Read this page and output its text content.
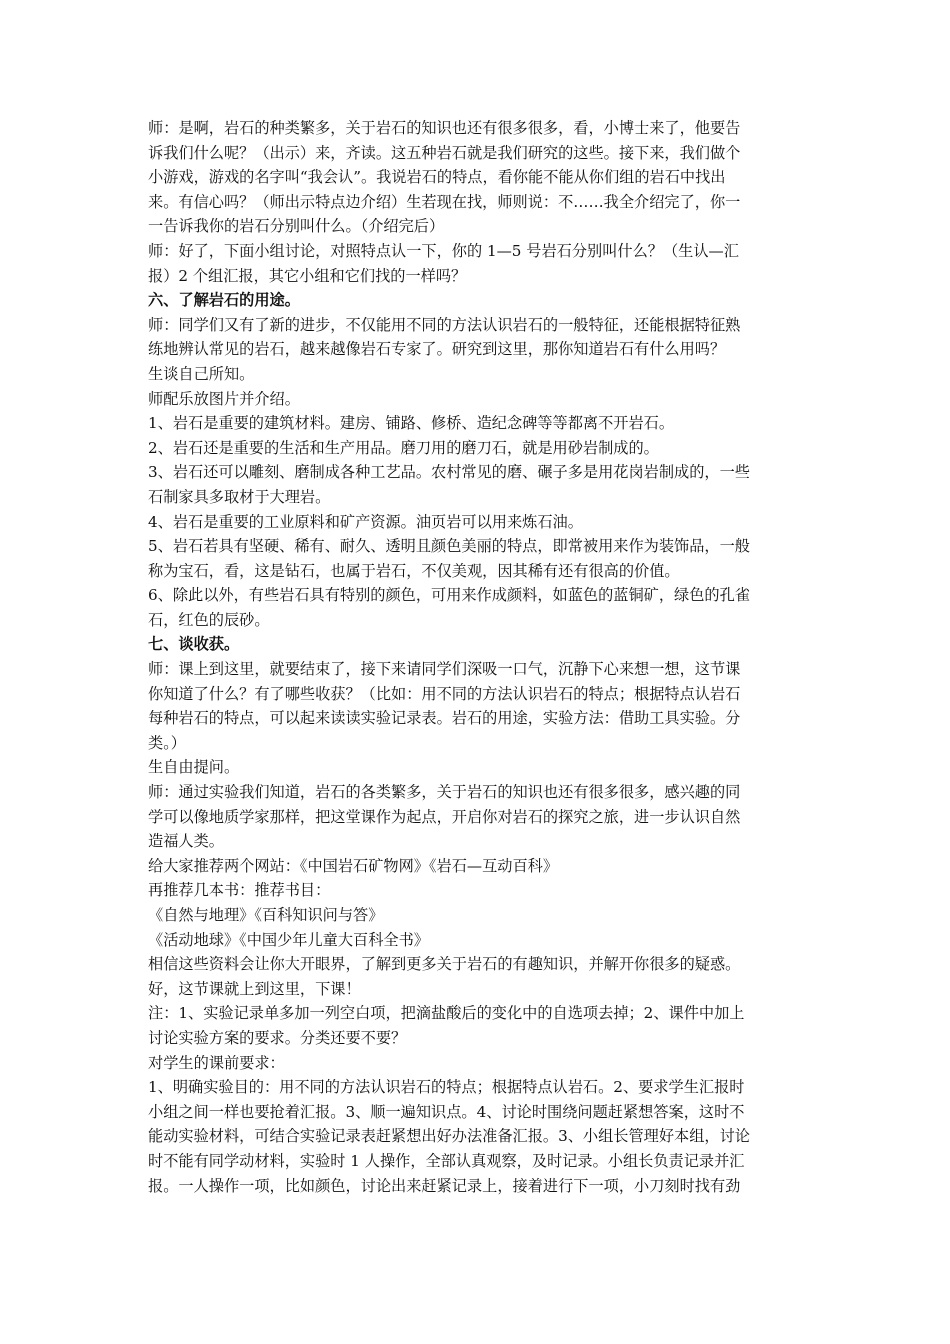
师：是啊，岩石的种类繁多，关于岩石的知识也还有很多很多，看，小博士来了，他要告
诉我们什么呢？（出示）来，齐读。这五种岩石就是我们研究的这些。接下来，我们做个
小游戏，游戏的名字叫“我会认”。我说岩石的特点，看你能不能从你们组的岩石中找出
来。有信心吗？（师出示特点边介绍）生若现在找，师则说：不……我全介绍完了，你一
一告诉我你的岩石分别叫什么。（介绍完后）
师：好了，下面小组讨论，对照特点认一下，你的 1—5 号岩石分别叫什么？（生认—汇
报）2 个组汇报，其它小组和它们找的一样吗？
六、了解岩石的用途。
师：同学们又有了新的进步，不仅能用不同的方法认识岩石的一般特征，还能根据特征熟
练地辨认常见的岩石，越来越像岩石专家了。研究到这里，那你知道岩石有什么用吗？
生谈自己所知。
师配乐放图片并介绍。
1、岩石是重要的建筑材料。建房、铺路、修桥、造纪念碑等等都离不开岩石。
2、岩石还是重要的生活和生产用品。磨刀用的磨刀石，就是用砂岩制成的。
3、岩石还可以雕刻、磨制成各种工艺品。农村常见的磨、碾子多是用花岗岩制成的，一些
石制家具多取材于大理岩。
4、岩石是重要的工业原料和矿产资源。油页岩可以用来炼石油。
5、岩石若具有坚硬、稀有、耐久、透明且颜色美丽的特点，即常被用来作为装饰品，一般
称为宝石，看，这是钻石，也属于岩石，不仅美观，因其稀有还有很高的价值。
6、除此以外，有些岩石具有特别的颜色，可用来作成颜料，如蓝色的蓝铜矿，绿色的孔雀
石，红色的辰砂。
七、谈收获。
师：课上到这里，就要结束了，接下来请同学们深吸一口气，沉静下心来想一想，这节课
你知道了什么？有了哪些收获？（比如：用不同的方法认识岩石的特点；根据特点认岩石
每种岩石的特点，可以起来读读实验记录表。岩石的用途，实验方法：借助工具实验。分
类。）
生自由提问。
师：通过实验我们知道，岩石的各类繁多，关于岩石的知识也还有很多很多，感兴趣的同
学可以像地质学家那样，把这堂课作为起点，开启你对岩石的探究之旅，进一步认识自然
造福人类。
给大家推荐两个网站：《中国岩石矿物网》《岩石—互动百科》
再推荐几本书：推荐书目：
《自然与地理》《百科知识问与答》
《活动地球》《中国少年儿童大百科全书》
相信这些资料会让你大开眼界，了解到更多关于岩石的有趣知识，并解开你很多的疑惑。
好，这节课就上到这里，下课！
注：1、实验记录单多加一列空白项，把滴盐酸后的变化中的自选项去掉；2、课件中加上
讨论实验方案的要求。分类还要不要？
对学生的课前要求：
1、明确实验目的：用不同的方法认识岩石的特点；根据特点认岩石。2、要求学生汇报时
小组之间一样也要抢着汇报。3、顺一遍知识点。4、讨论时围绕问题赶紧想答案，这时不
能动实验材料，可结合实验记录表赶紧想出好办法准备汇报。3、小组长管理好本组，讨论
时不能有同学动材料，实验时 1 人操作，全部认真观察，及时记录。小组长负责记录并汇
报。一人操作一项，比如颜色，讨论出来赶紧记录上，接着进行下一项，小刀刻时找有劲
